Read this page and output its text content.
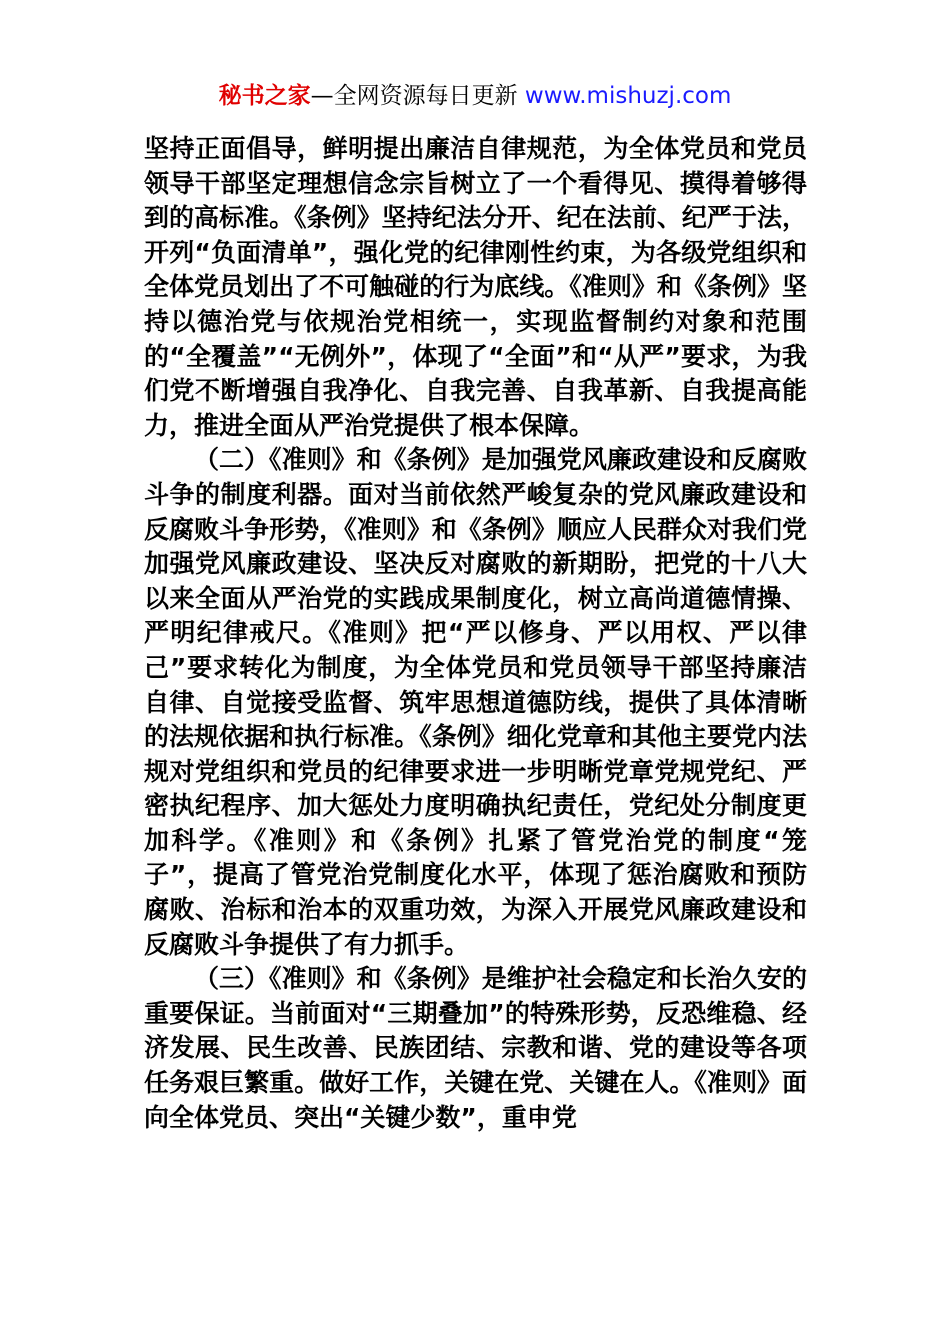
秘书之家—全网资源每日更新 www.mishuzj.com

坚持正面倡导，鲜明提出廉洁自律规范，为全体党员和党员领导干部坚定理想信念宗旨树立了一个看得见、摸得着够得到的高标准。《条例》坚持纪法分开、纪在法前、纪严于法，开列“负面清单”，强化党的纪律刚性约束，为各级党组织和全体党员划出了不可触碰的行为底线。《准则》和《条例》坚持以德治党与依规治党相统一，实现监督制约对象和范围的“全覆盖”“无例外”，体现了“全面”和“从严”要求，为我们党不断增强自我净化、自我完善、自我革新、自我提高能力，推进全面从严治党提供了根本保障。

（二）《准则》和《条例》是加强党风廉政建设和反腐败斗争的制度利器。面对当前依然严峻复杂的党风廉政建设和反腐败斗争形势，《准则》和《条例》顺应人民群众对我们党加强党风廉政建设、坚决反对腐败的新期盼，把党的十八大以来全面从严治党的实践成果制度化，树立高尚道德情操、严明纪律戒尺。《准则》把“严以修身、严以用权、严以律己”要求转化为制度，为全体党员和党员领导干部坚持廉洁自律、自觉接受监督、筑牢思想道德防线，提供了具体清晰的法规依据和执行标准。《条例》细化党章和其他主要党内法规对党组织和党员的纪律要求进一步明晰党章党规党纪、严密执纪程序、加大惩处力度明确执纪责任，党纪处分制度更加科学。《准则》和《条例》扎紧了管党治党的制度“笼子”，提高了管党治党制度化水平，体现了惩治腐败和预防腐败、治标和治本的双重功效，为深入开展党风廉政建设和反腐败斗争提供了有力抓手。

（三）《准则》和《条例》是维护社会稳定和长治久安的重要保证。当前面对“三期叠加”的特殊形势，反恐维稳、经济发展、民生改善、民族团结、宗教和谐、党的建设等各项任务艰巨繁重。做好工作，关键在党、关键在人。《准则》面向全体党员、突出“关键少数”，重申党
